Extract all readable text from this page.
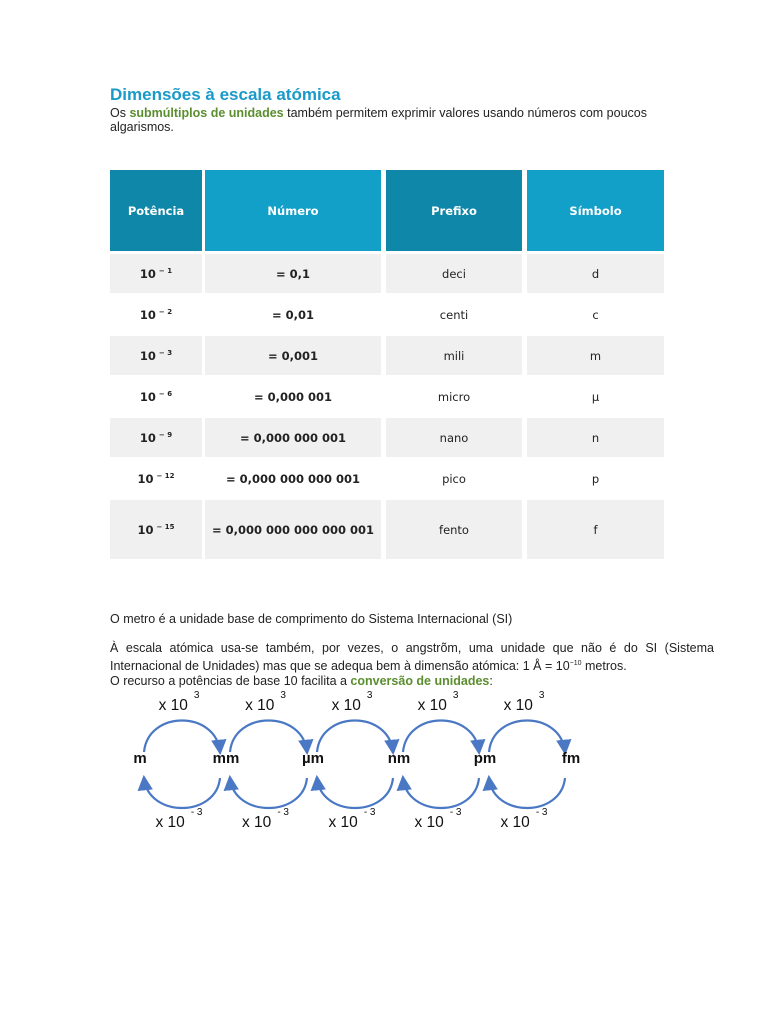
Dimensões à escala atómica
Os submúltiplos de unidades também permitem exprimir valores usando números com poucos algarismos.
Potência	Número	Prefixo	Símbolo
10 $^{- 1}$	= 0,1	deci	d
10 $^{- 2}$	= 0,01	centi	c
10 $^{- 3}$	= 0,001	mili	m
10 $^{- 6}$	= 0,000 001	micro	µ
10 $^{- 9}$	= 0,000 000 001	nano	n
10 $^{- 12}$	= 0,000 000 000 001	pico	p
10 $^{- 15}$	= 0,000 000 000 000 001	fento	f
O metro é a unidade base de comprimento do Sistema Internacional (SI)
À escala atómica usa-se também, por vezes, o angstrõm, uma unidade que não é do SI (Sistema Internacional de Unidades) mas que se adequa bem à dimensão atómica: 1 Å = $10^{-10}$ metros.
O recurso a potências de base 10 facilita a conversão de unidades:
m	mm	µm	nm	pm	fm
x $10^3$
x $10^{- 3}$
x $10^3$
x $10^{- 3}$
x $10^3$
x $10^{- 3}$
x $10^3$
x $10^{- 3}$
x $10^3$
x $10^{- 3}$
